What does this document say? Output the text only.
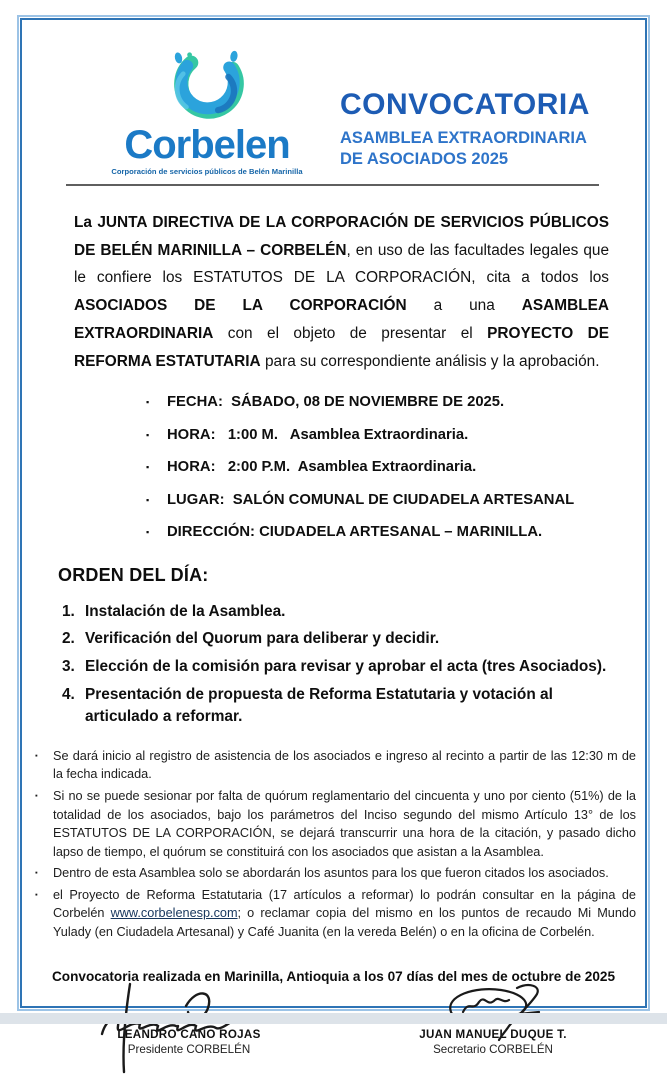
Corbelen
Corporación de servicios públicos de Belén Marinilla
CONVOCATORIA
ASAMBLEA EXTRAORDINARIA
DE ASOCIADOS 2025

La JUNTA DIRECTIVA DE LA CORPORACIÓN DE SERVICIOS PÚBLICOS DE BELÉN MARINILLA – CORBELÉN, en uso de las facultades legales que le confiere los ESTATUTOS DE LA CORPORACIÓN, cita a todos los ASOCIADOS DE LA CORPORACIÓN a una ASAMBLEA EXTRAORDINARIA con el objeto de presentar el PROYECTO DE REFORMA ESTATUTARIA para su correspondiente análisis y la aprobación.

▪	FECHA:  SÁBADO, 08 DE NOVIEMBRE DE 2025.
▪	HORA:   1:00 M.   Asamblea Extraordinaria.
▪	HORA:   2:00 P.M.  Asamblea Extraordinaria.
▪	LUGAR:  SALÓN COMUNAL DE CIUDADELA ARTESANAL
▪	DIRECCIÓN: CIUDADELA ARTESANAL – MARINILLA.
ORDEN DEL DÍA:
1. Instalación de la Asamblea.
2. Verificación del Quorum para deliberar y decidir.
3. Elección de la comisión para revisar y aprobar el acta (tres Asociados).
4. Presentación de propuesta de Reforma Estatutaria y votación al articulado a reformar.
▪	Se dará inicio al registro de asistencia de los asociados e ingreso al recinto a partir de las 12:30 m de la fecha indicada.
▪	Si no se puede sesionar por falta de quórum reglamentario del cincuenta y uno por ciento (51%) de la totalidad de los asociados, bajo los parámetros del Inciso segundo del mismo Artículo 13° de los ESTATUTOS DE LA CORPORACIÓN, se dejará transcurrir una hora de la citación, y pasado dicho lapso de tiempo, el quórum se constituirá con los asociados que asistan a la Asamblea.
▪	Dentro de esta Asamblea solo se abordarán los asuntos para los que fueron citados los asociados.
▪	el Proyecto de Reforma Estatutaria (17 artículos a reformar) lo podrán consultar en la página de Corbelén www.corbelenesp.com; o reclamar copia del mismo en los puntos de recaudo Mi Mundo Yulady (en Ciudadela Artesanal) y Café Juanita (en la vereda Belén) o en la oficina de Corbelén.

Convocatoria realizada en Marinilla, Antioquia a los 07 días del mes de octubre de 2025

LEANDRO CANO ROJAS
Presidente CORBELÉN
JUAN MANUEL DUQUE T.
Secretario CORBELÉN
